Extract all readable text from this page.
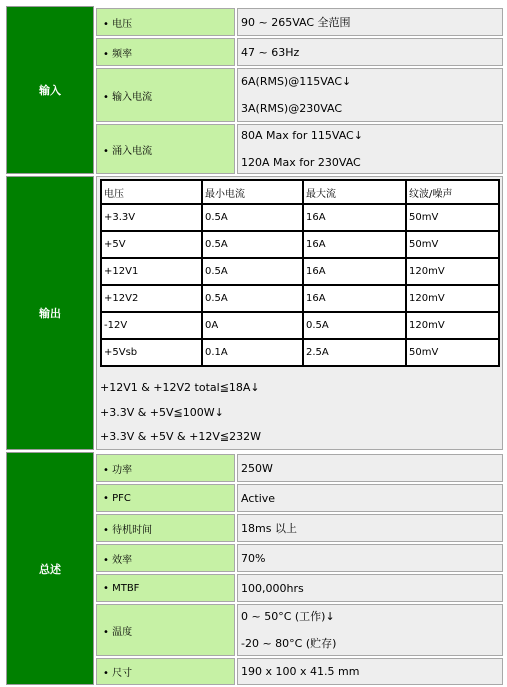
输入
输出
总述
• 电压	90 ~ 265VAC 全范围
• 频率	47 ~ 63Hz
• 输入电流
6A(RMS)@115VAC↓
3A(RMS)@230VAC
• 涌入电流
80A Max for 115VAC↓
120A Max for 230VAC
电压	最小电流	最大流	纹波/噪声
+3.3V	0.5A	16A	50mV
+5V	0.5A	16A	50mV
+12V1	0.5A	16A	120mV
+12V2	0.5A	16A	120mV
-12V	0A	0.5A	120mV
+5Vsb	0.1A	2.5A	50mV
+12V1 & +12V2 total≦18A↓
+3.3V & +5V≦100W↓
+3.3V & +5V & +12V≦232W
• 功率	250W
• PFC	Active
• 待机时间	18ms 以上
• 效率	70%
• MTBF	100,000hrs
• 温度
0 ~ 50°C (工作)↓
-20 ~ 80°C (贮存)
• 尺寸	190 x 100 x 41.5 mm
